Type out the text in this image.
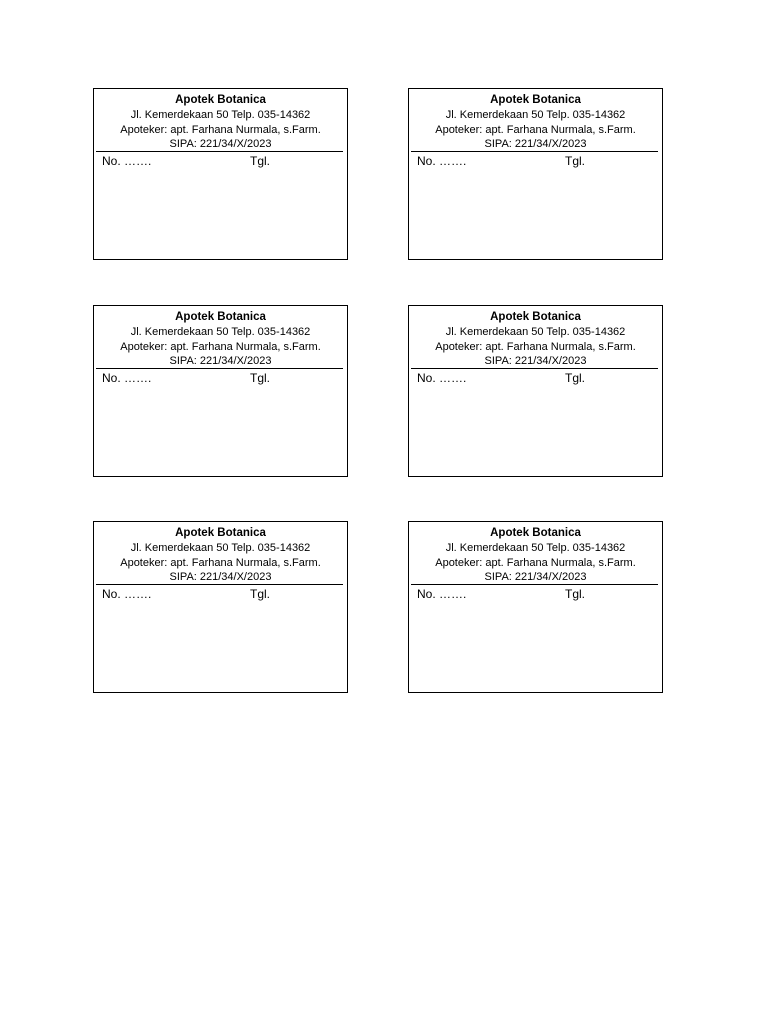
Apotek Botanica
Jl. Kemerdekaan 50 Telp. 035-14362
Apoteker: apt. Farhana Nurmala, s.Farm.
SIPA: 221/34/X/2023
No. …….	Tgl.
Apotek Botanica
Jl. Kemerdekaan 50 Telp. 035-14362
Apoteker: apt. Farhana Nurmala, s.Farm.
SIPA: 221/34/X/2023
No. …….	Tgl.
Apotek Botanica
Jl. Kemerdekaan 50 Telp. 035-14362
Apoteker: apt. Farhana Nurmala, s.Farm.
SIPA: 221/34/X/2023
No. …….	Tgl.
Apotek Botanica
Jl. Kemerdekaan 50 Telp. 035-14362
Apoteker: apt. Farhana Nurmala, s.Farm.
SIPA: 221/34/X/2023
No. …….	Tgl.
Apotek Botanica
Jl. Kemerdekaan 50 Telp. 035-14362
Apoteker: apt. Farhana Nurmala, s.Farm.
SIPA: 221/34/X/2023
No. …….	Tgl.
Apotek Botanica
Jl. Kemerdekaan 50 Telp. 035-14362
Apoteker: apt. Farhana Nurmala, s.Farm.
SIPA: 221/34/X/2023
No. …….	Tgl.
